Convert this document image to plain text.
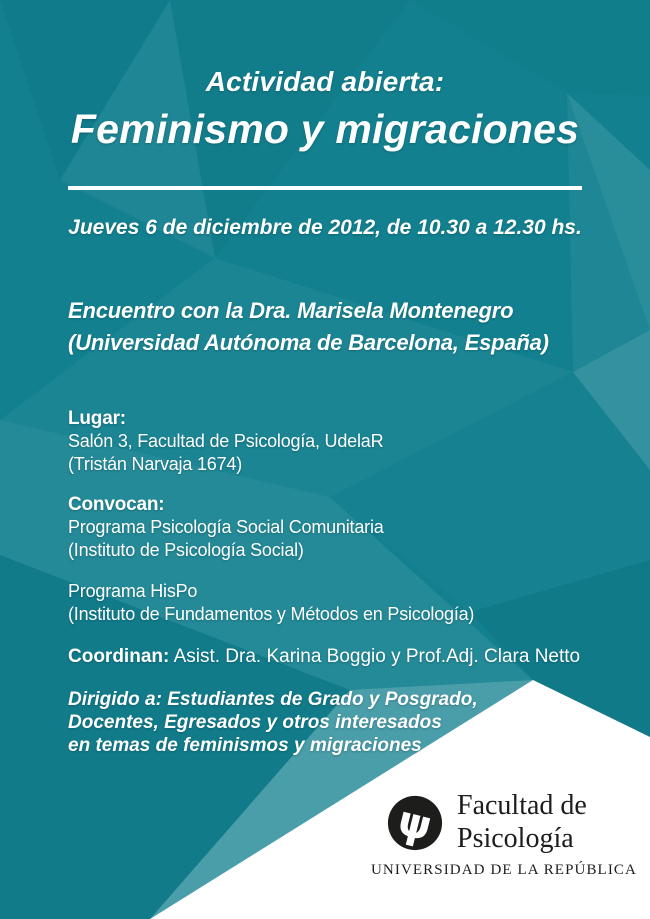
Actividad abierta:
Feminismo y migraciones
Jueves 6 de diciembre de 2012, de 10.30 a 12.30 hs.
Encuentro con la Dra. Marisela Montenegro
(Universidad Autónoma de Barcelona, España)
Lugar:
Salón 3, Facultad de Psicología, UdelaR
(Tristán Narvaja 1674)
Convocan:
Programa Psicología Social Comunitaria
(Instituto de Psicología Social)
Programa HisPo
(Instituto de Fundamentos y Métodos en Psicología)
Coordinan: Asist. Dra. Karina Boggio y Prof.Adj. Clara Netto
Dirigido a: Estudiantes de Grado y Posgrado,
Docentes, Egresados y otros interesados
en temas de feminismos y migraciones
ψ Facultad de
Psicología
UNIVERSIDAD DE LA REPÚBLICA
